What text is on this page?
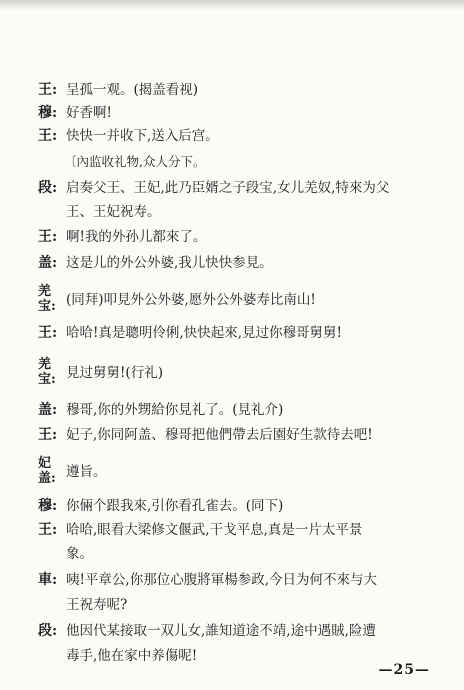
王: 呈孤一观。(揭盖看视)
穆: 好香啊!
王: 快快一并收下,送入后宫。
〔內监收礼物,众人分下。
段: 启奏父王、王妃,此乃臣婿之子段宝,女儿羌奴,特來为父
王、王妃祝寿。
王: 啊!我的外孙儿都來了。
盖: 这是儿的外公外婆,我儿快快参見。
羌宝: (同拜)叩見外公外婆,愿外公外婆寿比南山!
王: 哈哈!真是聰明伶俐,快快起來,見过你穆哥舅舅!
羌宝: 見过舅舅!(行礼)
盖: 穆哥,你的外甥給你見礼了。(見礼介)
王: 妃子,你同阿盖、穆哥把他們帶去后園好生款待去吧!
妃盖: 遵旨。
穆: 你倆个跟我來,引你看孔雀去。(同下)
王: 哈哈,眼看大梁修文偃武,干戈平息,真是一片太平景
象。
車: 咦!平章公,你那位心腹將軍楊参政,今日为何不來与大
王祝寿呢?
段: 他因代某接取一双儿女,誰知道途不靖,途中遇賊,险遭
毒手,他在家中养傷呢!
—25—
